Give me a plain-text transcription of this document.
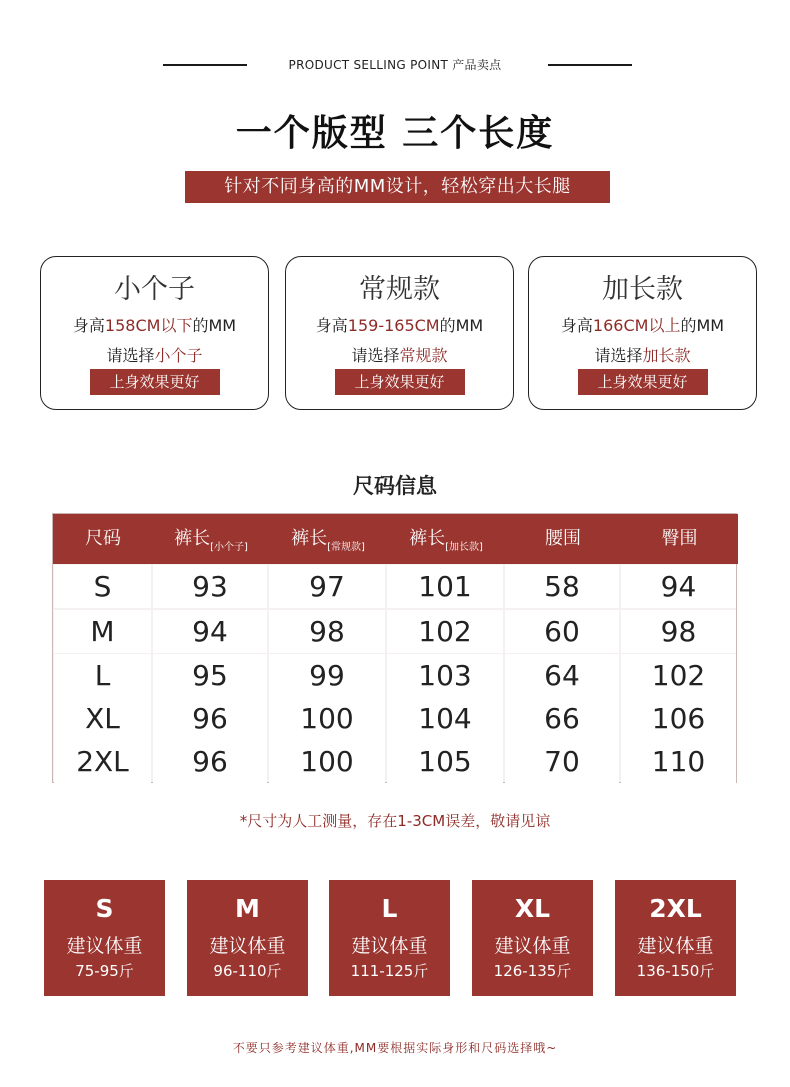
PRODUCT SELLING POINT 产品卖点
一个版型 三个长度
针对不同身高的MM设计，轻松穿出大长腿
小个子
身高158CM以下的MM
请选择小个子
上身效果更好
常规款
身高159-165CM的MM
请选择常规款
上身效果更好
加长款
身高166CM以上的MM
请选择加长款
上身效果更好
尺码信息
尺码	裤长$_{[小个子]}$	裤长$_{[常规款]}$	裤长$_{[加长款]}$	腰围	臀围
S	93	97	101	58	94
M	94	98	102	60	98
L	95	99	103	64	102
XL	96	100	104	66	106
2XL	96	100	105	70	110
*尺寸为人工测量，存在1-3CM误差，敬请见谅
S
建议体重
75-95斤
M
建议体重
96-110斤
L
建议体重
111-125斤
XL
建议体重
126-135斤
2XL
建议体重
136-150斤
不要只参考建议体重,MM要根据实际身形和尺码选择哦~
